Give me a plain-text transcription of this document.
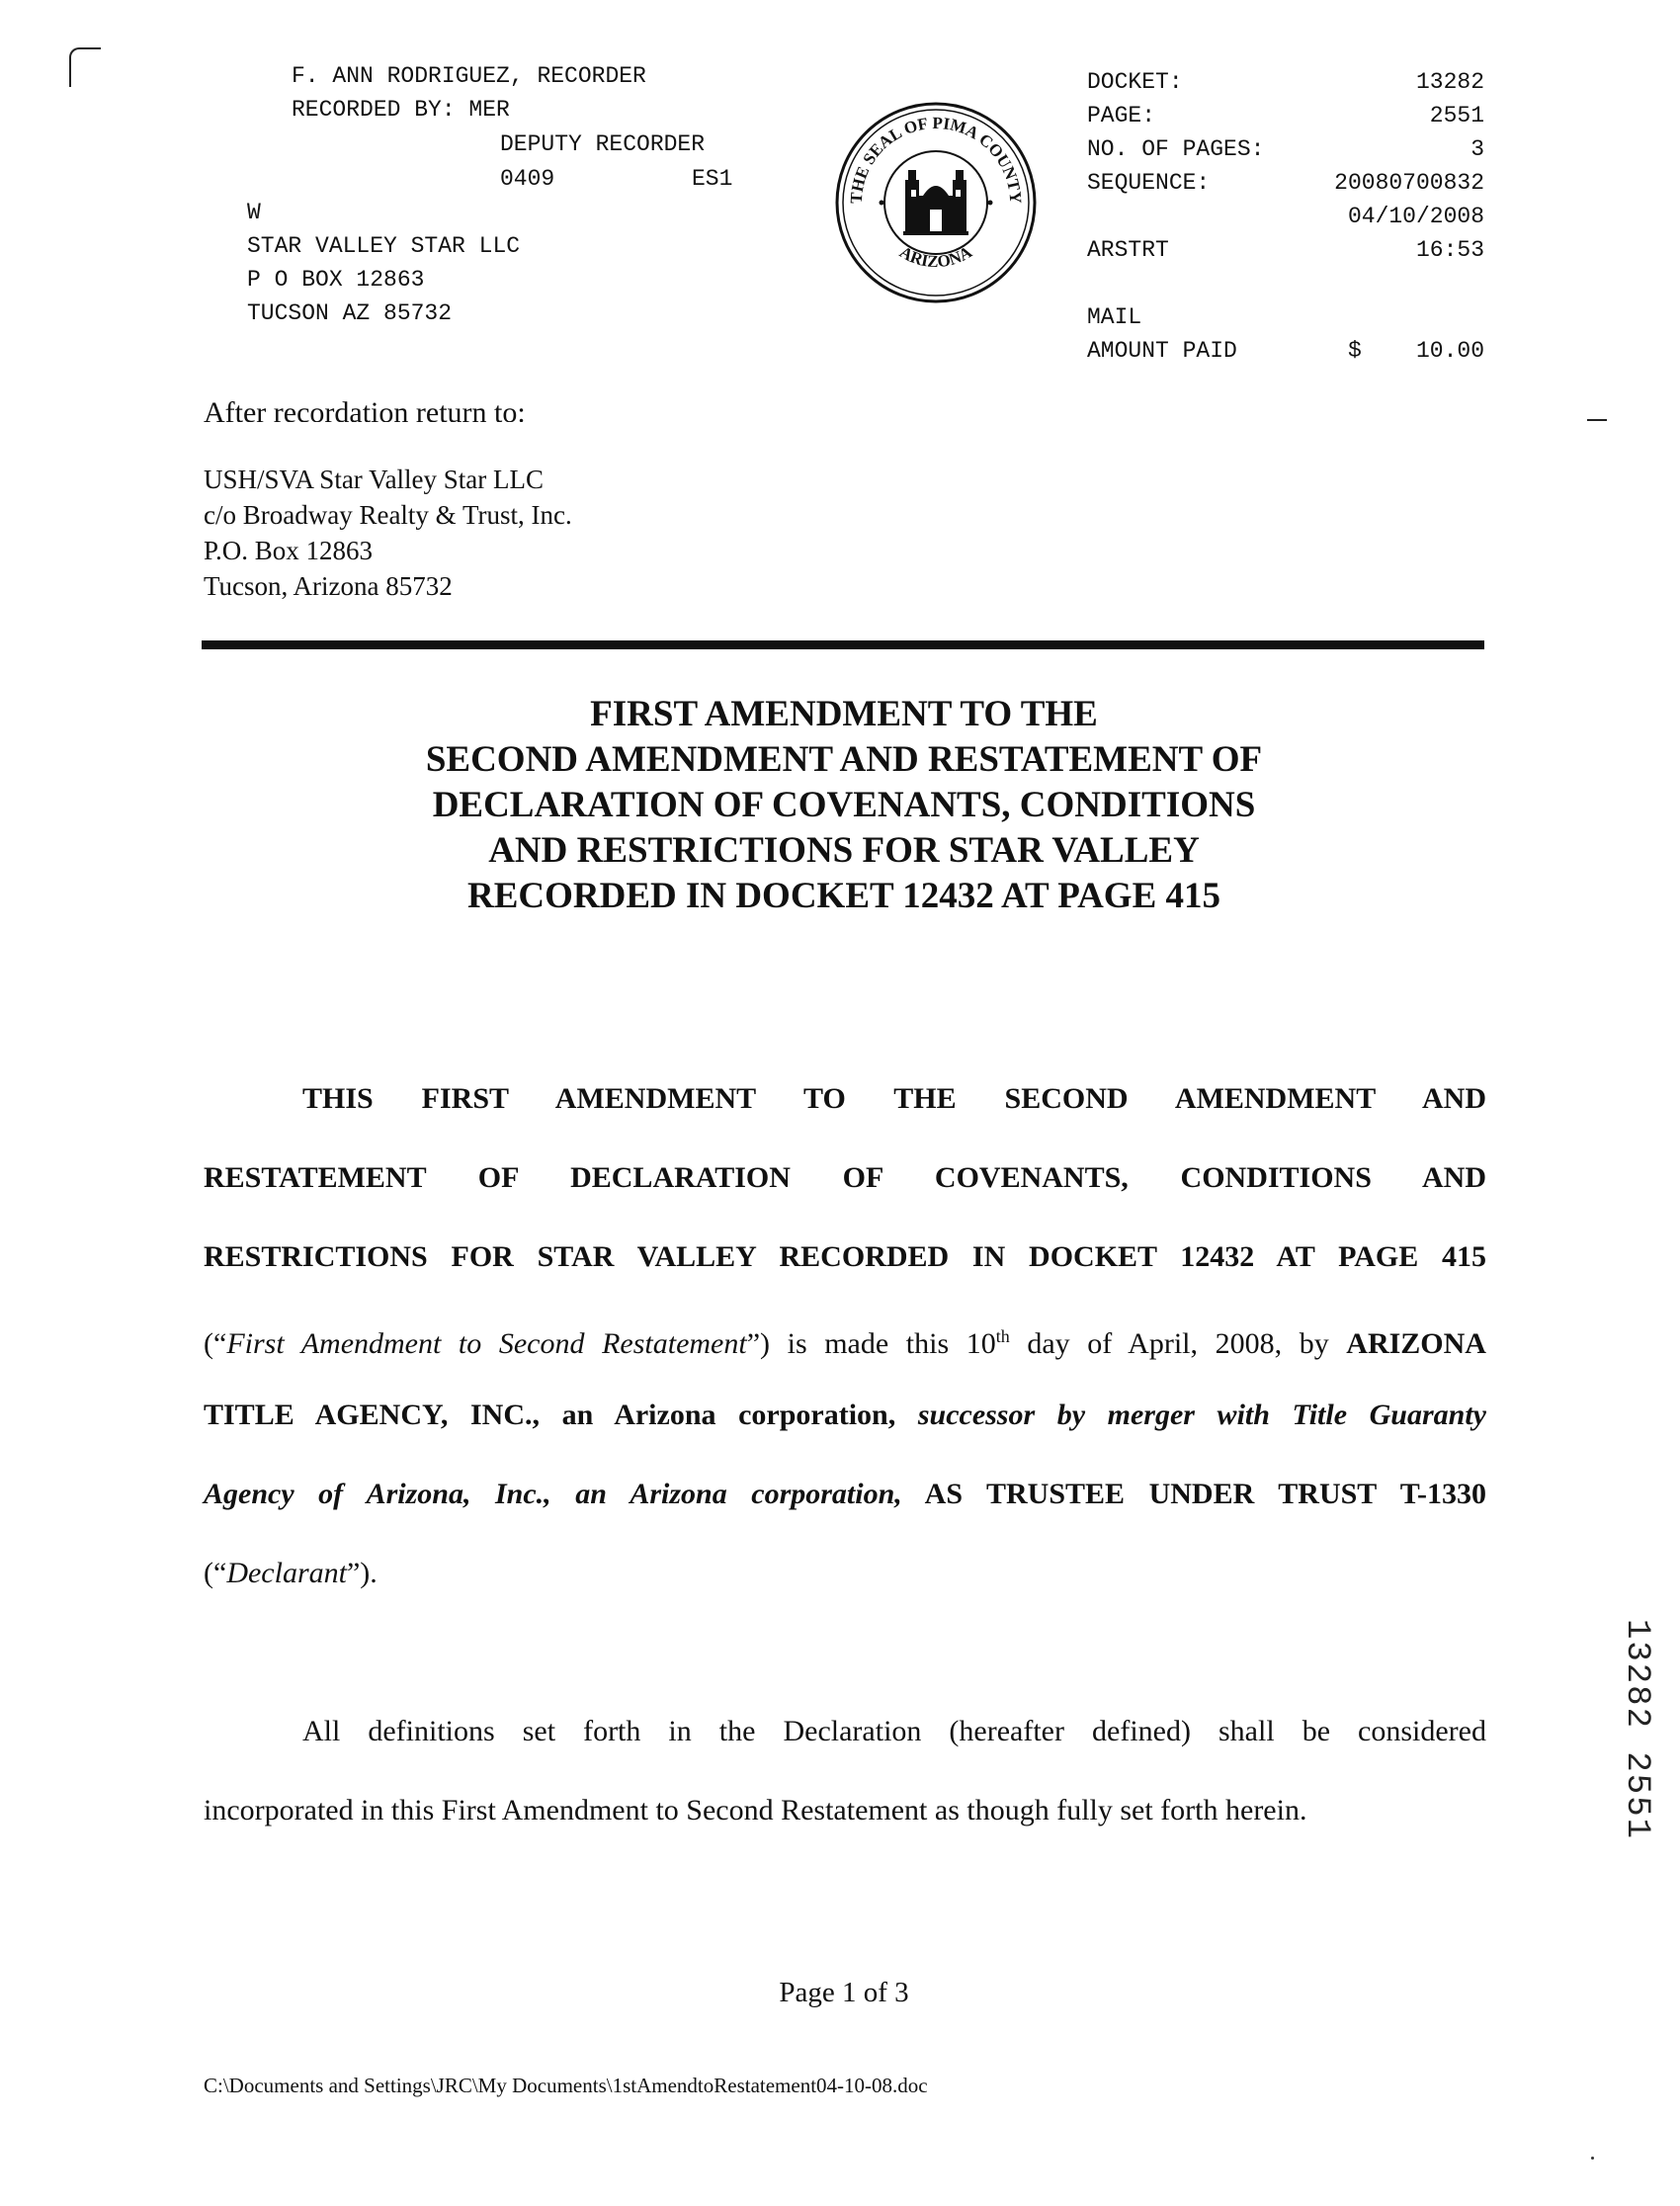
F. ANN RODRIGUEZ, RECORDER
RECORDED BY: MER
DEPUTY RECORDER
0409	ES1
W
STAR VALLEY STAR LLC
P O BOX 12863
TUCSON AZ 85732
THE SEAL OF PIMA COUNTY
ARIZONA
DOCKET:	13282
PAGE:	2551
NO. OF PAGES:	3
SEQUENCE:	20080700832
04/10/2008
ARSTRT	16:53
MAIL
AMOUNT PAID	$    10.00
After recordation return to:
USH/SVA Star Valley Star LLC
c/o Broadway Realty & Trust, Inc.
P.O. Box 12863
Tucson, Arizona 85732
FIRST AMENDMENT TO THE
SECOND AMENDMENT AND RESTATEMENT OF
DECLARATION OF COVENANTS, CONDITIONS
AND RESTRICTIONS FOR STAR VALLEY
RECORDED IN DOCKET 12432 AT PAGE 415
THIS FIRST AMENDMENT TO THE SECOND AMENDMENT AND
RESTATEMENT OF DECLARATION OF COVENANTS, CONDITIONS AND
RESTRICTIONS FOR STAR VALLEY RECORDED IN DOCKET 12432 AT PAGE 415
(“First Amendment to Second Restatement”) is made this 10th day of April, 2008, by ARIZONA
TITLE AGENCY, INC., an Arizona corporation, successor by merger with Title Guaranty
Agency of Arizona, Inc., an Arizona corporation, AS TRUSTEE UNDER TRUST T-1330
(“Declarant”).
All definitions set forth in the Declaration (hereafter defined) shall be considered
incorporated in this First Amendment to Second Restatement as though fully set forth herein.	13282 2551
Page 1 of 3
C:\Documents and Settings\JRC\My Documents\1stAmendtoRestatement04-10-08.doc
